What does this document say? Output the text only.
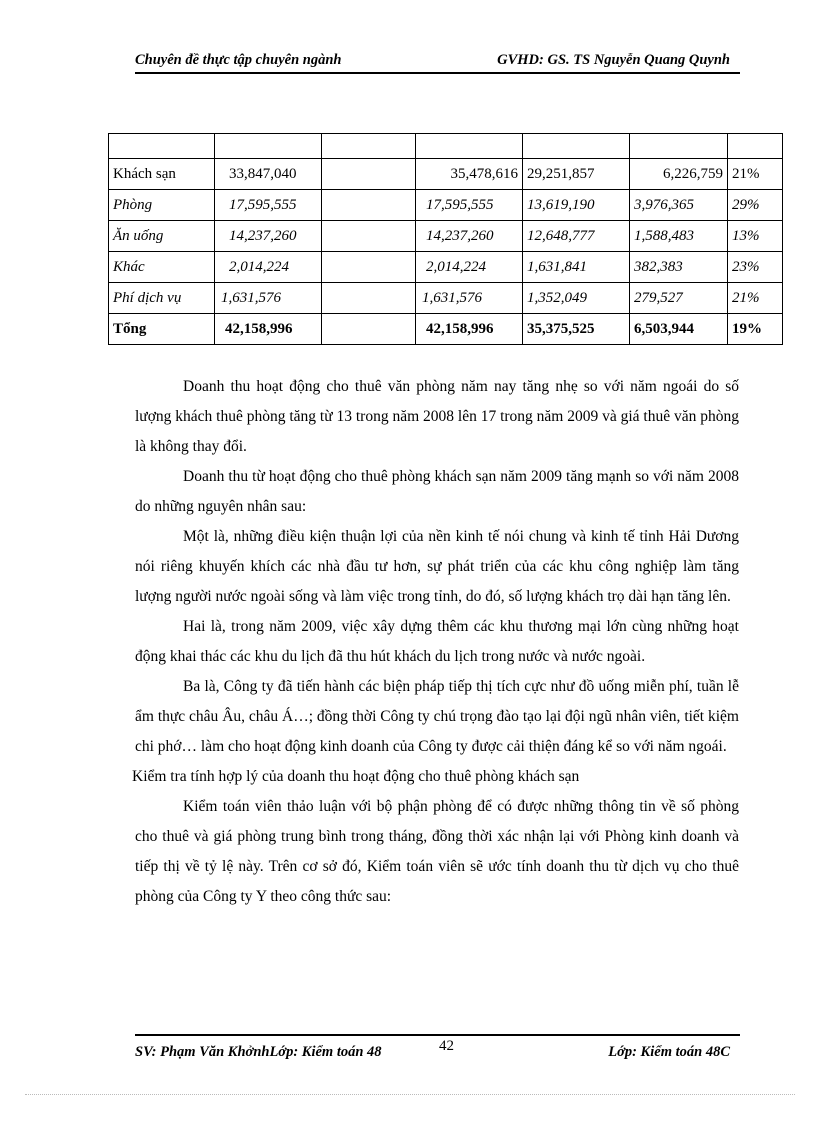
Chuyên đề thực tập chuyên ngành	GVHD: GS. TS Nguyễn Quang Quynh

Khách sạn	33,847,040		35,478,616	29,251,857	6,226,759	21%
Phòng	17,595,555		17,595,555	13,619,190	3,976,365	29%
Ăn uống	14,237,260		14,237,260	12,648,777	1,588,483	13%
Khác	2,014,224		2,014,224	1,631,841	382,383	23%
Phí dịch vụ	1,631,576		1,631,576	1,352,049	279,527	21%
Tổng	42,158,996		42,158,996	35,375,525	6,503,944	19%

Doanh thu hoạt động cho thuê văn phòng năm nay tăng nhẹ so với năm ngoái do số lượng khách thuê phòng tăng từ 13 trong năm 2008 lên 17 trong năm 2009 và giá thuê văn phòng là không thay đổi.

Doanh thu từ hoạt động cho thuê phòng khách sạn năm 2009 tăng mạnh so với năm 2008 do những nguyên nhân sau:

Một là, những điều kiện thuận lợi của nền kinh tế nói chung và kinh tế tỉnh Hải Dương nói riêng khuyến khích các nhà đầu tư hơn, sự phát triển của các khu công nghiệp làm tăng lượng người nước ngoài sống và làm việc trong tỉnh, do đó, số lượng khách trọ dài hạn tăng lên.

Hai là, trong năm 2009, việc xây dựng thêm các khu thương mại lớn cùng những hoạt động khai thác các khu du lịch đã thu hút khách du lịch trong nước và nước ngoài.

Ba là, Công ty đã tiến hành các biện pháp tiếp thị tích cực như đồ uống miễn phí, tuần lễ ẩm thực châu Âu, châu Á…; đồng thời Công ty chú trọng đào tạo lại đội ngũ nhân viên, tiết kiệm chi phớ… làm cho hoạt động kinh doanh của Công ty được cải thiện đáng kể so với năm ngoái.

Kiểm tra tính hợp lý của doanh thu hoạt động cho thuê phòng khách sạn

Kiểm toán viên thảo luận với bộ phận phòng để có được những thông tin về số phòng cho thuê và giá phòng trung bình trong tháng, đồng thời xác nhận lại với Phòng kinh doanh và tiếp thị về tỷ lệ này. Trên cơ sở đó, Kiểm toán viên sẽ ước tính doanh thu từ dịch vụ cho thuê phòng của Công ty Y theo công thức sau:

SV: Phạm Văn KhởnhLớp: Kiểm toán 48	42	Lớp: Kiểm toán 48C
